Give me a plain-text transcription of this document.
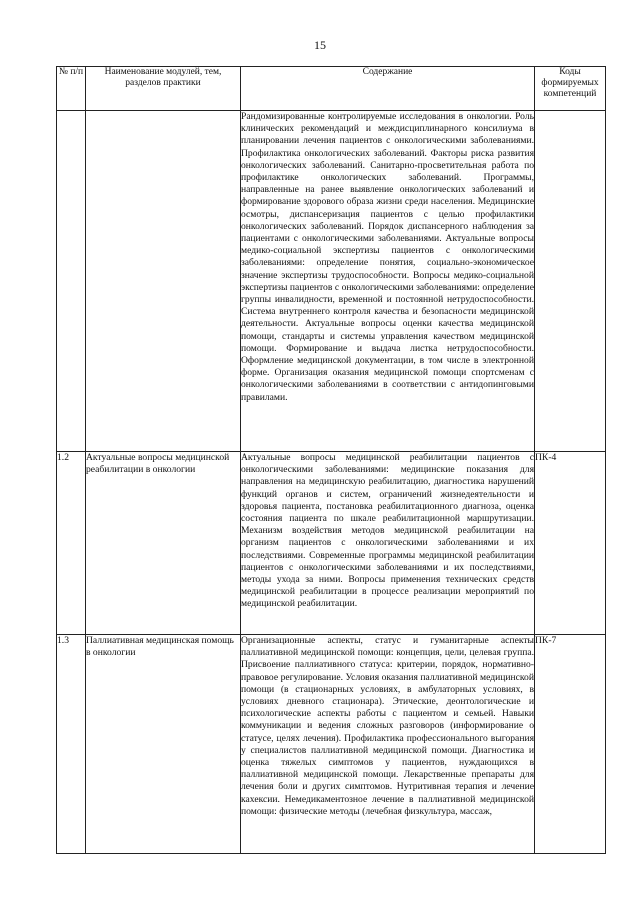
15
№ п/п	Наименование модулей, тем, разделов практики	Содержание	Коды формируемых компетенций
		Рандомизированные контролируемые исследования в онкологии. Роль клинических рекомендаций и междисциплинарного консилиума в планировании лечения пациентов с онкологическими заболеваниями. Профилактика онкологических заболеваний. Факторы риска развития онкологических заболеваний. Санитарно-просветительная работа по профилактике онкологических заболеваний. Программы, направленные на ранее выявление онкологических заболеваний и формирование здорового образа жизни среди населения. Медицинские осмотры, диспансеризация пациентов с целью профилактики онкологических заболеваний. Порядок диспансерного наблюдения за пациентами с онкологическими заболеваниями. Актуальные вопросы медико-социальной экспертизы пациентов с онкологическими заболеваниями: определение понятия, социально-экономическое значение экспертизы трудоспособности. Вопросы медико-социальной экспертизы пациентов с онкологическими заболеваниями: определение группы инвалидности, временной и постоянной нетрудоспособности. Система внутреннего контроля качества и безопасности медицинской деятельности. Актуальные вопросы оценки качества медицинской помощи, стандарты и системы управления качеством медицинской помощи. Формирование и выдача листка нетрудоспособности. Оформление медицинской документации, в том числе в электронной форме. Организация оказания медицинской помощи спортсменам с онкологическими заболеваниями в соответствии с антидопинговыми правилами.	
1.2	Актуальные вопросы медицинской реабилитации в онкологии	Актуальные вопросы медицинской реабилитации пациентов с онкологическими заболеваниями: медицинские показания для направления на медицинскую реабилитацию, диагностика нарушений функций органов и систем, ограничений жизнедеятельности и здоровья пациента, постановка реабилитационного диагноза, оценка состояния пациента по шкале реабилитационной маршрутизации. Механизм воздействия методов медицинской реабилитации на организм пациентов с онкологическими заболеваниями и их последствиями. Современные программы медицинской реабилитации пациентов с онкологическими заболеваниями и их последствиями, методы ухода за ними. Вопросы применения технических средств медицинской реабилитации в процессе реализации мероприятий по медицинской реабилитации.	ПК-4
1.3	Паллиативная медицинская помощь в онкологии	Организационные аспекты, статус и гуманитарные аспекты паллиативной медицинской помощи: концепция, цели, целевая группа. Присвоение паллиативного статуса: критерии, порядок, нормативно-правовое регулирование. Условия оказания паллиативной медицинской помощи (в стационарных условиях, в амбулаторных условиях, в условиях дневного стационара). Этические, деонтологические и психологические аспекты работы с пациентом и семьей. Навыки коммуникации и ведения сложных разговоров (информирование о статусе, целях лечения). Профилактика профессионального выгорания у специалистов паллиативной медицинской помощи. Диагностика и оценка тяжелых симптомов у пациентов, нуждающихся в паллиативной медицинской помощи. Лекарственные препараты для лечения боли и других симптомов. Нутритивная терапия и лечение кахексии. Немедикаментозное лечение в паллиативной медицинской помощи: физические методы (лечебная физкультура, массаж,	ПК-7
